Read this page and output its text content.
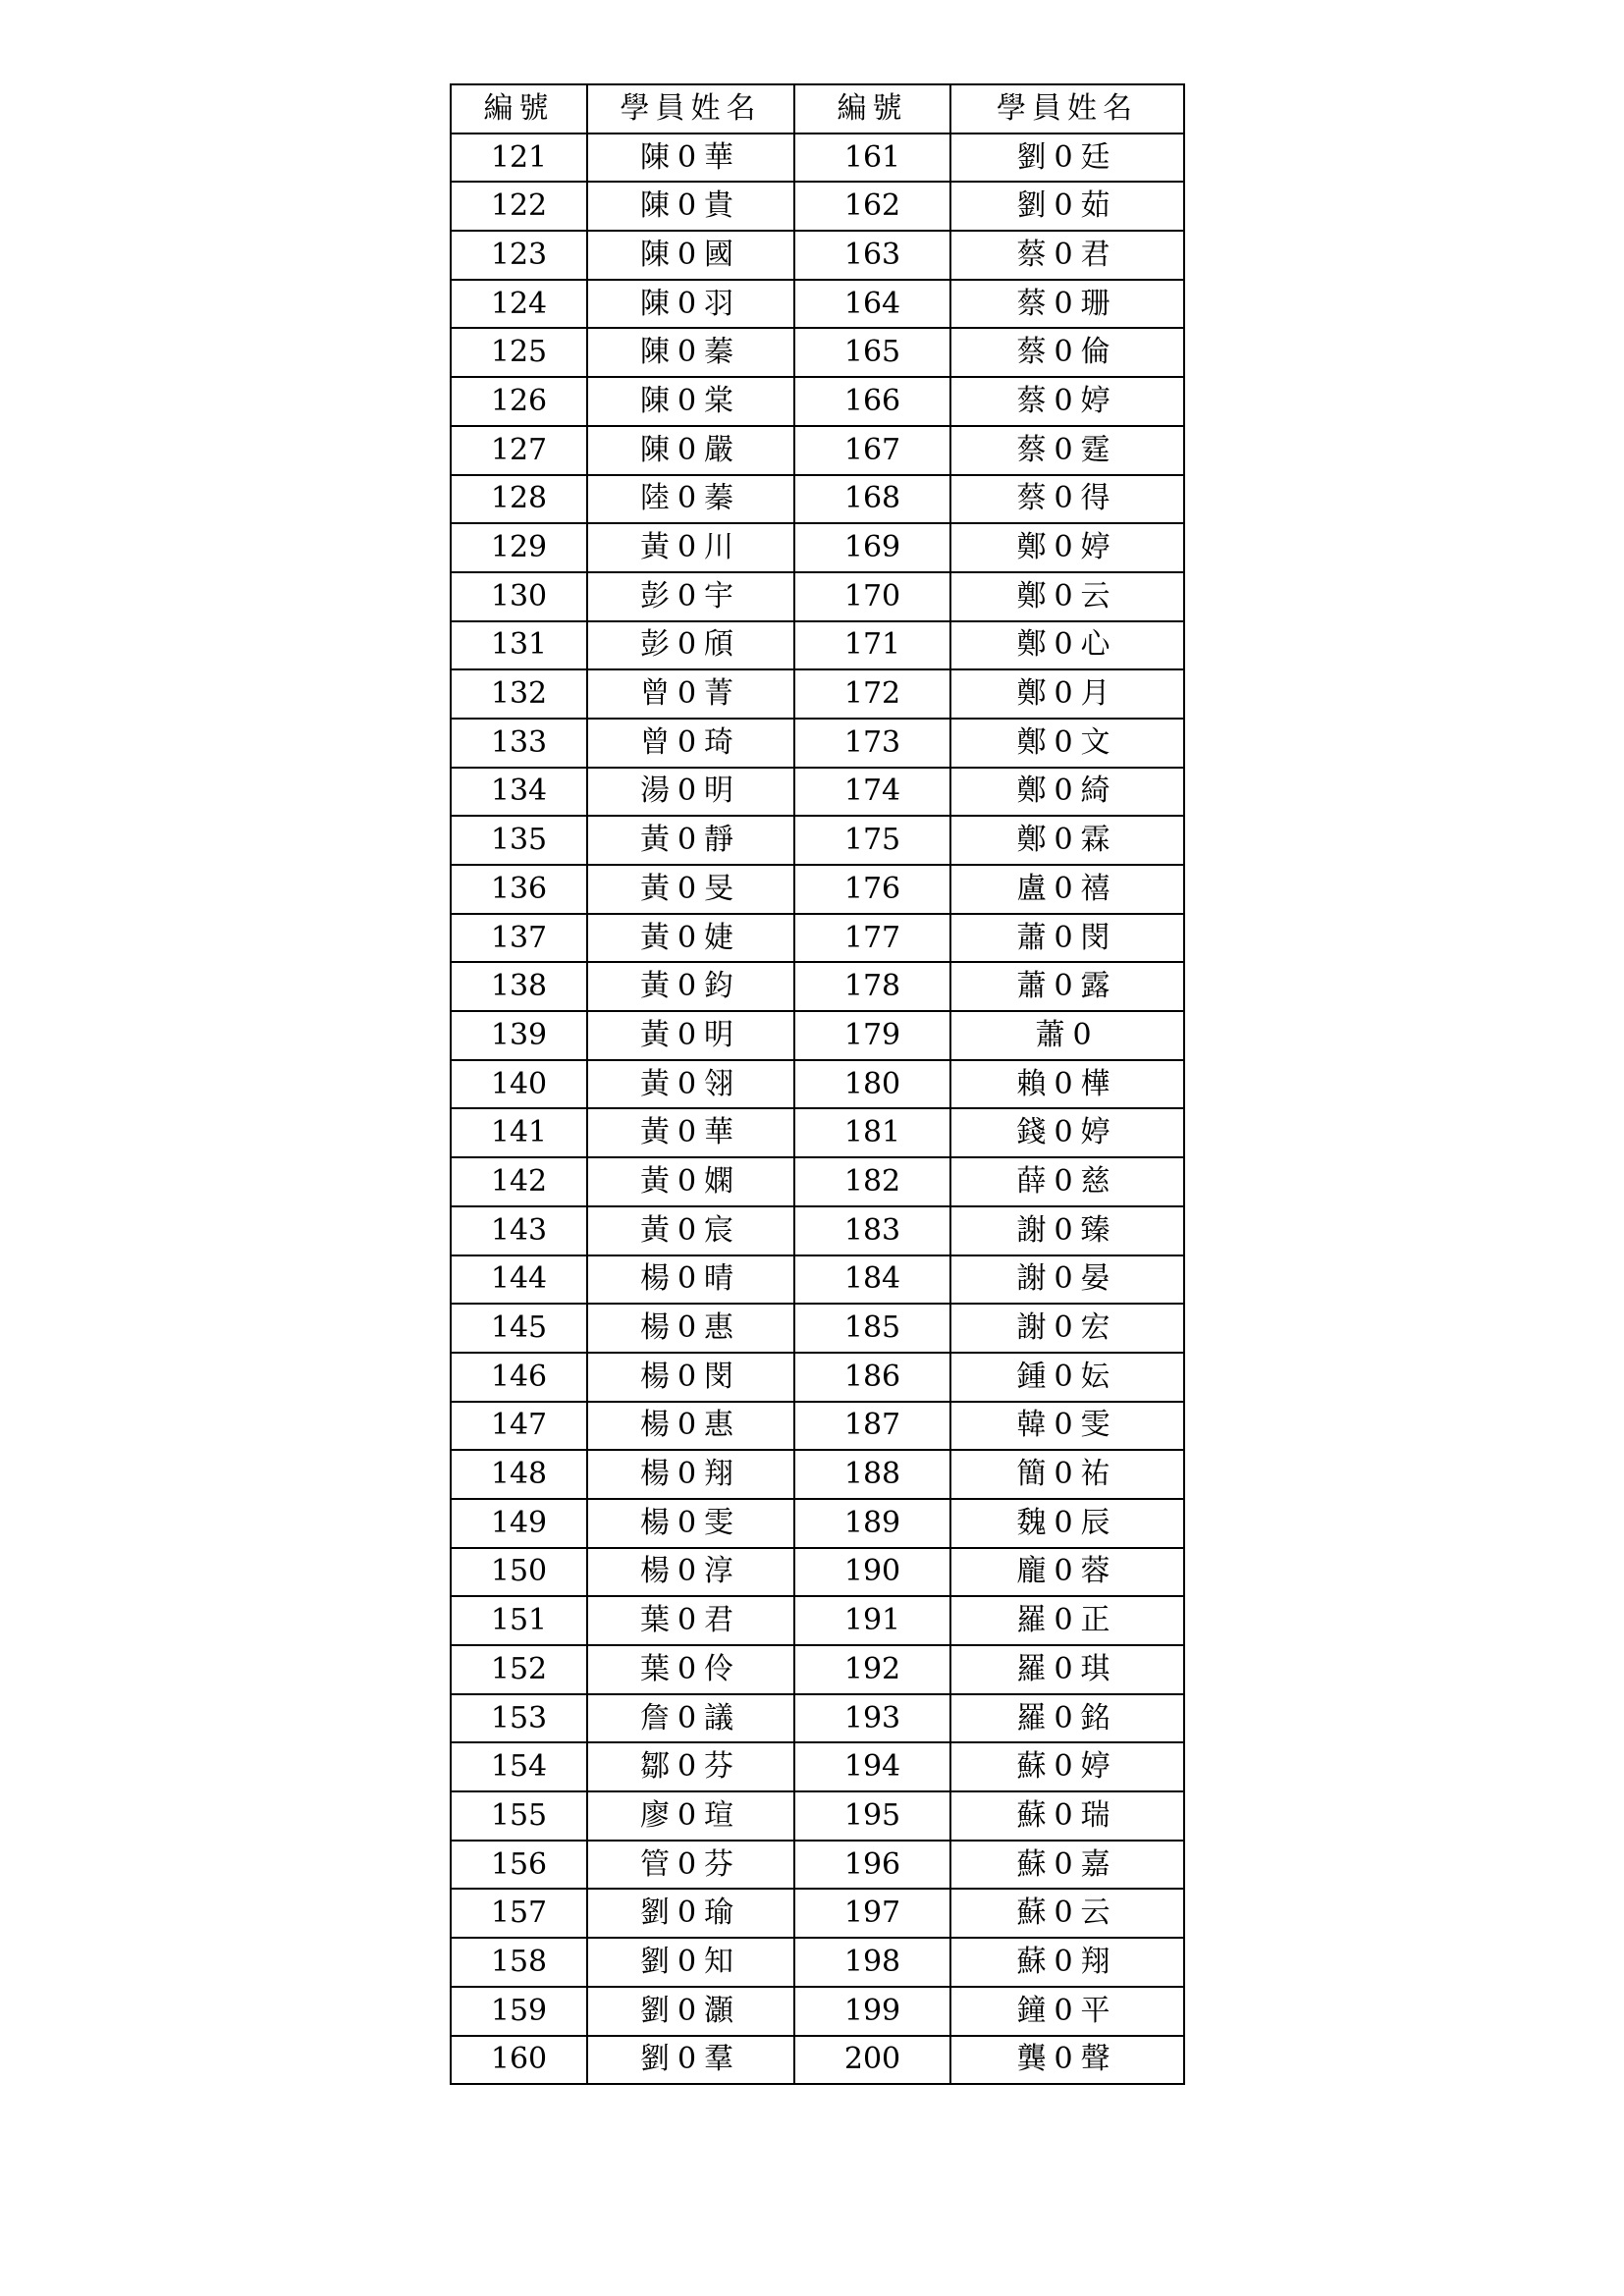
編號	學員姓名	編號	學員姓名
121	陳0華	161	劉0廷
122	陳0貴	162	劉0茹
123	陳0國	163	蔡0君
124	陳0羽	164	蔡0珊
125	陳0蓁	165	蔡0倫
126	陳0棠	166	蔡0婷
127	陳0嚴	167	蔡0霆
128	陸0蓁	168	蔡0得
129	黃0川	169	鄭0婷
130	彭0宇	170	鄭0云
131	彭0頎	171	鄭0心
132	曾0菁	172	鄭0月
133	曾0琦	173	鄭0文
134	湯0明	174	鄭0綺
135	黃0靜	175	鄭0霖
136	黃0旻	176	盧0禧
137	黃0婕	177	蕭0閔
138	黃0鈞	178	蕭0露
139	黃0明	179	蕭0
140	黃0翎	180	賴0樺
141	黃0華	181	錢0婷
142	黃0嫻	182	薛0慈
143	黃0宸	183	謝0臻
144	楊0晴	184	謝0晏
145	楊0惠	185	謝0宏
146	楊0閔	186	鍾0妘
147	楊0惠	187	韓0雯
148	楊0翔	188	簡0祐
149	楊0雯	189	魏0辰
150	楊0淳	190	龐0蓉
151	葉0君	191	羅0正
152	葉0伶	192	羅0琪
153	詹0議	193	羅0銘
154	鄒0芬	194	蘇0婷
155	廖0瑄	195	蘇0瑞
156	管0芬	196	蘇0嘉
157	劉0瑜	197	蘇0云
158	劉0知	198	蘇0翔
159	劉0灝	199	鐘0平
160	劉0羣	200	龔0聲
